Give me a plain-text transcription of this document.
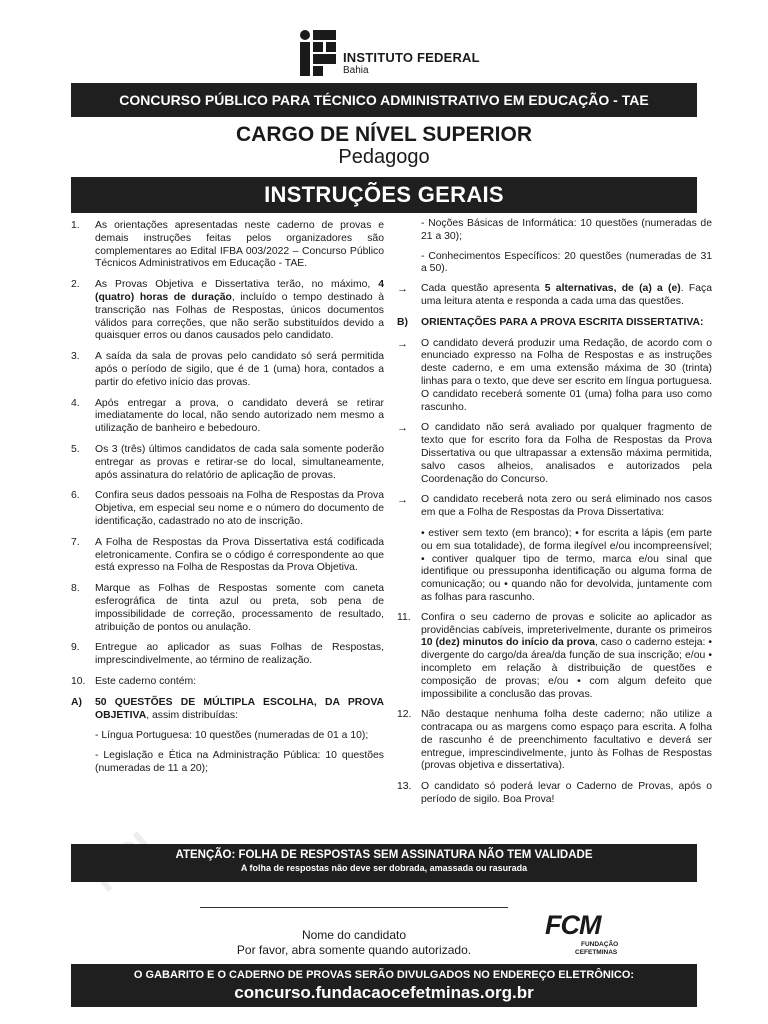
INSTITUTO FEDERAL
Bahia
CONCURSO PÚBLICO PARA TÉCNICO ADMINISTRATIVO EM EDUCAÇÃO - TAE
CARGO DE NÍVEL SUPERIOR
Pedagogo
INSTRUÇÕES GERAIS
1. As orientações apresentadas neste caderno de provas e demais instruções feitas pelos organizadores são complementares ao Edital IFBA 003/2022 – Concurso Público Técnicos Administrativos em Educação - TAE.
2. As Provas Objetiva e Dissertativa terão, no máximo, 4 (quatro) horas de duração, incluído o tempo destinado à transcrição nas Folhas de Respostas, únicos documentos válidos para correções, que não serão substituídos devido a quaisquer erros ou danos causados pelo candidato.
3. A saída da sala de provas pelo candidato só será permitida após o período de sigilo, que é de 1 (uma) hora, contados a partir do efetivo início das provas.
4. Após entregar a prova, o candidato deverá se retirar imediatamente do local, não sendo autorizado nem mesmo a utilização de banheiro e bebedouro.
5. Os 3 (três) últimos candidatos de cada sala somente poderão entregar as provas e retirar-se do local, simultaneamente, após assinatura do relatório de aplicação de provas.
6. Confira seus dados pessoais na Folha de Respostas da Prova Objetiva, em especial seu nome e o número do documento de identificação, cadastrado no ato de inscrição.
7. A Folha de Respostas da Prova Dissertativa está codificada eletronicamente. Confira se o código é correspondente ao que está expresso na Folha de Respostas da Prova Objetiva.
8. Marque as Folhas de Respostas somente com caneta esferográfica de tinta azul ou preta, sob pena de impossibilidade de correção, processamento de resultado, atribuição de pontos ou anulação.
9. Entregue ao aplicador as suas Folhas de Respostas, imprescindivelmente, ao término de realização.
10. Este caderno contém:
A) 50 QUESTÕES DE MÚLTIPLA ESCOLHA, DA PROVA OBJETIVA, assim distribuídas:
- Língua Portuguesa: 10 questões (numeradas de 01 a 10);
- Legislação e Ética na Administração Pública: 10 questões (numeradas de 11 a 20);
- Noções Básicas de Informática: 10 questões (numeradas de 21 a 30);
- Conhecimentos Específicos: 20 questões (numeradas de 31 a 50).
→ Cada questão apresenta 5 alternativas, de (a) a (e). Faça uma leitura atenta e responda a cada uma das questões.
B) ORIENTAÇÕES PARA A PROVA ESCRITA DISSERTATIVA:
→ O candidato deverá produzir uma Redação, de acordo com o enunciado expresso na Folha de Respostas e as instruções deste caderno, e em uma extensão máxima de 30 (trinta) linhas para o texto, que deve ser escrito em língua portuguesa. O candidato receberá somente 01 (uma) folha para uso como rascunho.
→ O candidato não será avaliado por qualquer fragmento de texto que for escrito fora da Folha de Respostas da Prova Dissertativa ou que ultrapassar a extensão máxima permitida, salvo casos alheios, analisados e autorizados pela Coordenação do Concurso.
→ O candidato receberá nota zero ou será eliminado nos casos em que a Folha de Respostas da Prova Dissertativa:
• estiver sem texto (em branco); • for escrita a lápis (em parte ou em sua totalidade), de forma ilegível e/ou incompreensível; • contiver qualquer tipo de termo, marca e/ou sinal que identifique ou pressuponha identificação ou alguma forma de comunicação; ou • quando não for devolvida, juntamente com as folhas para rascunho.
11. Confira o seu caderno de provas e solicite ao aplicador as providências cabíveis, impreterivelmente, durante os primeiros 10 (dez) minutos do início da prova, caso o caderno esteja: • divergente do cargo/da área/da função de sua inscrição; e/ou • incompleto em relação à distribuição de questões e composição de provas; e/ou • com algum defeito que impossibilite a conclusão das provas.
12. Não destaque nenhuma folha deste caderno; não utilize a contracapa ou as margens como espaço para escrita. A folha de rascunho é de preenchimento facultativo e deverá ser entregue, imprescindivelmente, junto às Folhas de Respostas (provas objetiva e dissertativa).
13. O candidato só poderá levar o Caderno de Provas, após o período de sigilo. Boa Prova!
ATENÇÃO: FOLHA DE RESPOSTAS SEM ASSINATURA NÃO TEM VALIDADE
A folha de respostas não deve ser dobrada, amassada ou rasurada
Nome do candidato
Por favor, abra somente quando autorizado.
FCM
FUNDAÇÃO
CEFETMINAS
O GABARITO E O CADERNO DE PROVAS SERÃO DIVULGADOS NO ENDEREÇO ELETRÔNICO:
concurso.fundacaocefetminas.org.br
